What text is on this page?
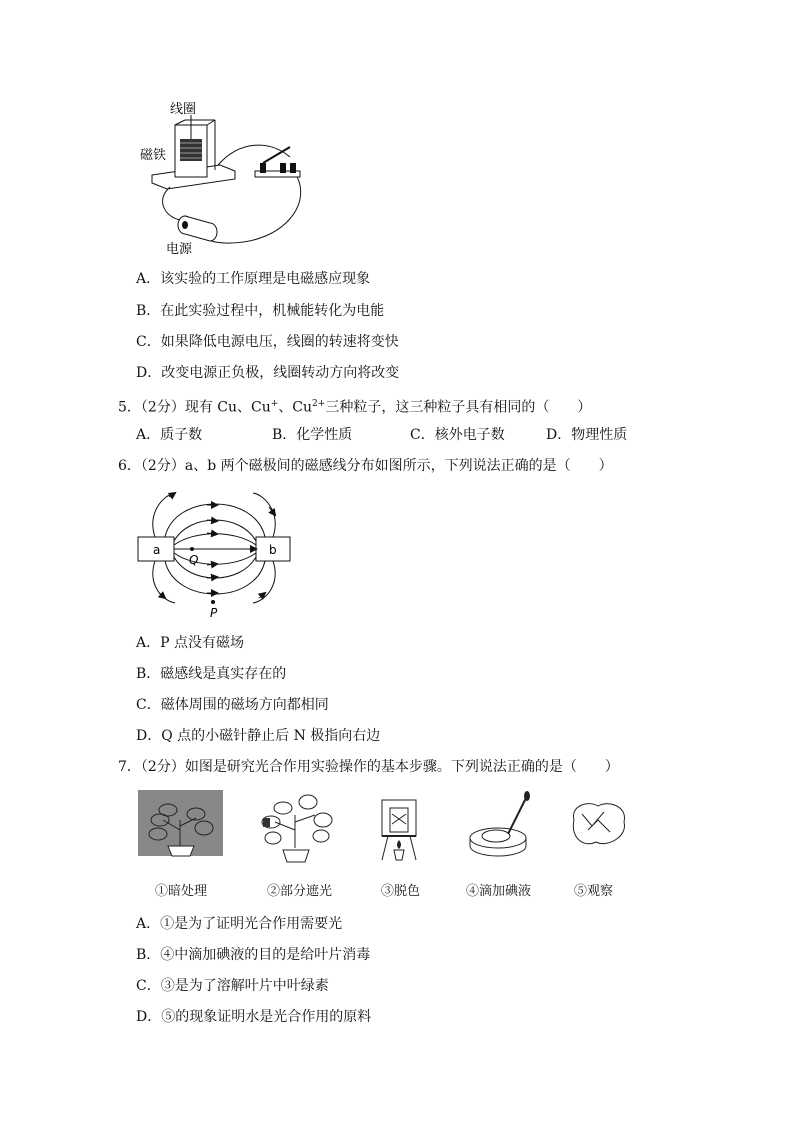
线圈
磁铁
电源
A．该实验的工作原理是电磁感应现象
B．在此实验过程中，机械能转化为电能
C．如果降低电源电压，线圈的转速将变快
D．改变电源正负极，线圈转动方向将改变
5．（2分）现有 Cu、Cu+、$Cu^{2+}$三种粒子，这三种粒子具有相同的（　　）
A．质子数	B．化学性质	C．核外电子数	D．物理性质
6．（2分）a、b 两个磁极间的磁感线分布如图所示，下列说法正确的是（　　）
a	b
Q
P
A．P 点没有磁场
B．磁感线是真实存在的
C．磁体周围的磁场方向都相同
D．Q 点的小磁针静止后 N 极指向右边
7．（2分）如图是研究光合作用实验操作的基本步骤。下列说法正确的是（　　）
①暗处理	②部分遮光	③脱色	④滴加碘液	⑤观察
A．①是为了证明光合作用需要光
B．④中滴加碘液的目的是给叶片消毒
C．③是为了溶解叶片中叶绿素
D．⑤的现象证明水是光合作用的原料
